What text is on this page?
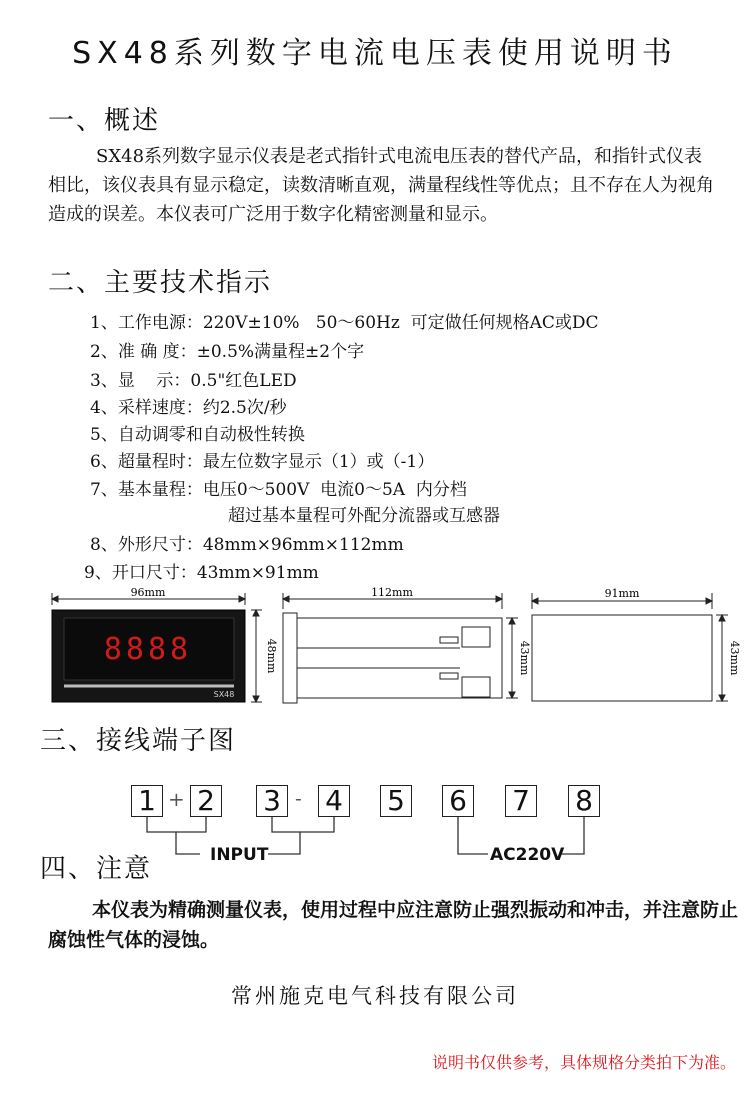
SX48系列数字电流电压表使用说明书
一、概述
SX48系列数字显示仪表是老式指针式电流电压表的替代产品，和指针式仪表相比，该仪表具有显示稳定，读数清晰直观，满量程线性等优点；且不存在人为视角造成的误差。本仪表可广泛用于数字化精密测量和显示。
二、主要技术指示
1、工作电源：220V±10%   50～60Hz  可定做任何规格AC或DC
2、准 确 度：±0.5%满量程±2个字
3、显    示：0.5"红色LED
4、采样速度：约2.5次/秒
5、自动调零和自动极性转换
6、超量程时：最左位数字显示（1）或（-1）
7、基本量程：电压0～500V  电流0～5A  内分档
超过基本量程可外配分流器或互感器
8、外形尺寸：48mm×96mm×112mm
9、开口尺寸：43mm×91mm
96mm
48mm
8888
SX48
112mm
43mm
91mm
43mm
三、接线端子图
1 + 2 3 - 4 5 6 7 8
INPUT	AC220V
四、注意
本仪表为精确测量仪表，使用过程中应注意防止强烈振动和冲击，并注意防止腐蚀性气体的浸蚀。
常州施克电气科技有限公司
说明书仅供参考，具体规格分类拍下为准。
